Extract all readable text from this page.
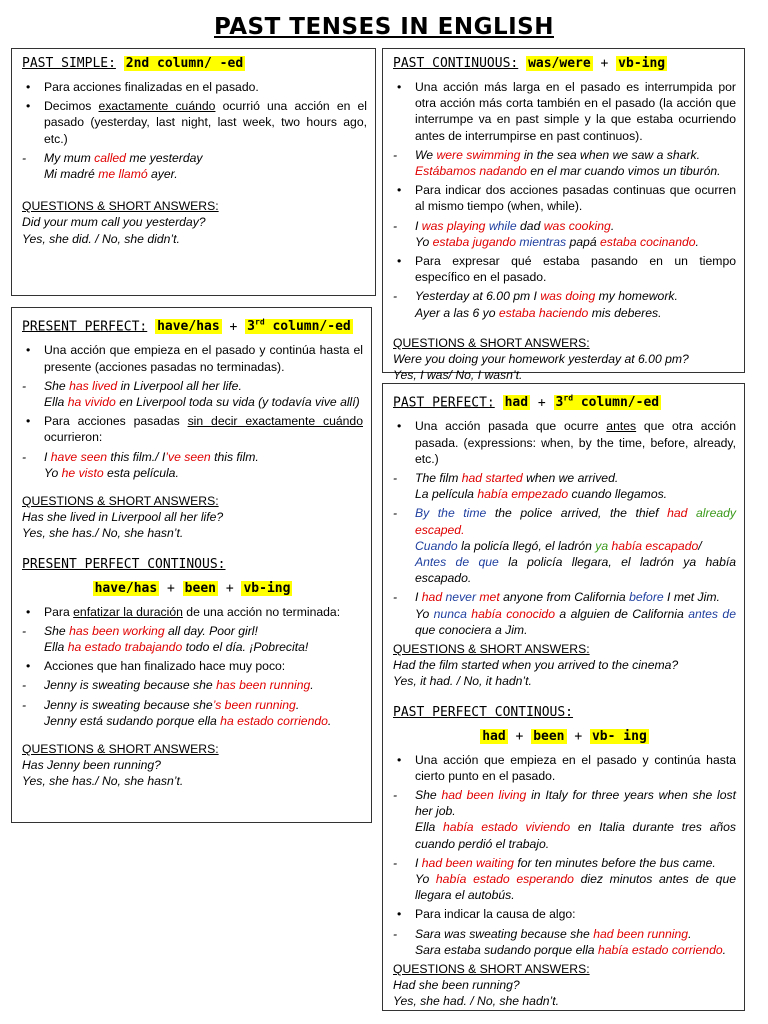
PAST TENSES IN ENGLISH
PAST SIMPLE: 2nd column/ -ed
• Para acciones finalizadas en el pasado.
• Decimos exactamente cuándo ocurrió una acción en el pasado (yesterday, last night, last week, two hours ago, etc.)
- My mum called me yesterday
Mi madré me llamó ayer.
QUESTIONS & SHORT ANSWERS:
Did your mum call you yesterday?
Yes, she did. / No, she didn’t.
PAST CONTINUOUS: was/were + vb-ing
• Una acción más larga en el pasado es interrumpida por otra acción más corta también en el pasado (la acción que interrumpe va en past simple y la que estaba ocurriendo antes de interrumpirse en past continuos).
- We were swimming in the sea when we saw a shark.
Estábamos nadando en el mar cuando vimos un tiburón.
• Para indicar dos acciones pasadas continuas que ocurren al mismo tiempo (when, while).
- I was playing while dad was cooking.
Yo estaba jugando mientras papá estaba cocinando.
• Para expresar qué estaba pasando en un tiempo específico en el pasado.
- Yesterday at 6.00 pm I was doing my homework.
Ayer a las 6 yo estaba haciendo mis deberes.
QUESTIONS & SHORT ANSWERS:
Were you doing your homework yesterday at 6.00 pm?
Yes, I was/ No, I wasn’t.
PRESENT PERFECT: have/has + 3rd column/-ed
• Una acción que empieza en el pasado y continúa hasta el presente (acciones pasadas no terminadas).
- She has lived in Liverpool all her life.
Ella ha vivido en Liverpool toda su vida (y todavía vive allí)
• Para acciones pasadas sin decir exactamente cuándo ocurrieron:
- I have seen this film./ I’ve seen this film.
Yo he visto esta película.
QUESTIONS & SHORT ANSWERS:
Has she lived in Liverpool all her life?
Yes, she has./ No, she hasn’t.
PRESENT PERFECT CONTINOUS:
have/has + been + vb-ing
• Para enfatizar la duración de una acción no terminada:
- She has been working all day. Poor girl!
Ella ha estado trabajando todo el día. ¡Pobrecita!
• Acciones que han finalizado hace muy poco:
- Jenny is sweating because she has been running.
- Jenny is sweating because she’s been running.
Jenny está sudando porque ella ha estado corriendo.
QUESTIONS & SHORT ANSWERS:
Has Jenny been running?
Yes, she has./ No, she hasn’t.
PAST PERFECT: had + 3rd column/-ed
• Una acción pasada que ocurre antes que otra acción pasada. (expressions: when, by the time, before, already, etc.)
- The film had started when we arrived.
La película había empezado cuando llegamos.
- By the time the police arrived, the thief had already escaped.
Cuando la policía llegó, el ladrón ya había escapado/
Antes de que la policía llegara, el ladrón ya había escapado.
- I had never met anyone from California before I met Jim.
Yo nunca había conocido a alguien de California antes de que conociera a Jim.
QUESTIONS & SHORT ANSWERS:
Had the film started when you arrived to the cinema?
Yes, it had. / No, it hadn’t.
PAST PERFECT CONTINOUS:
had + been + vb- ing
• Una acción que empieza en el pasado y continúa hasta cierto punto en el pasado.
- She had been living in Italy for three years when she lost her job.
Ella había estado viviendo en Italia durante tres años cuando perdió el trabajo.
- I had been waiting for ten minutes before the bus came.
Yo había estado esperando diez minutos antes de que llegara el autobús.
• Para indicar la causa de algo:
- Sara was sweating because she had been running.
Sara estaba sudando porque ella había estado corriendo.
QUESTIONS & SHORT ANSWERS:
Had she been running?
Yes, she had. / No, she hadn’t.
